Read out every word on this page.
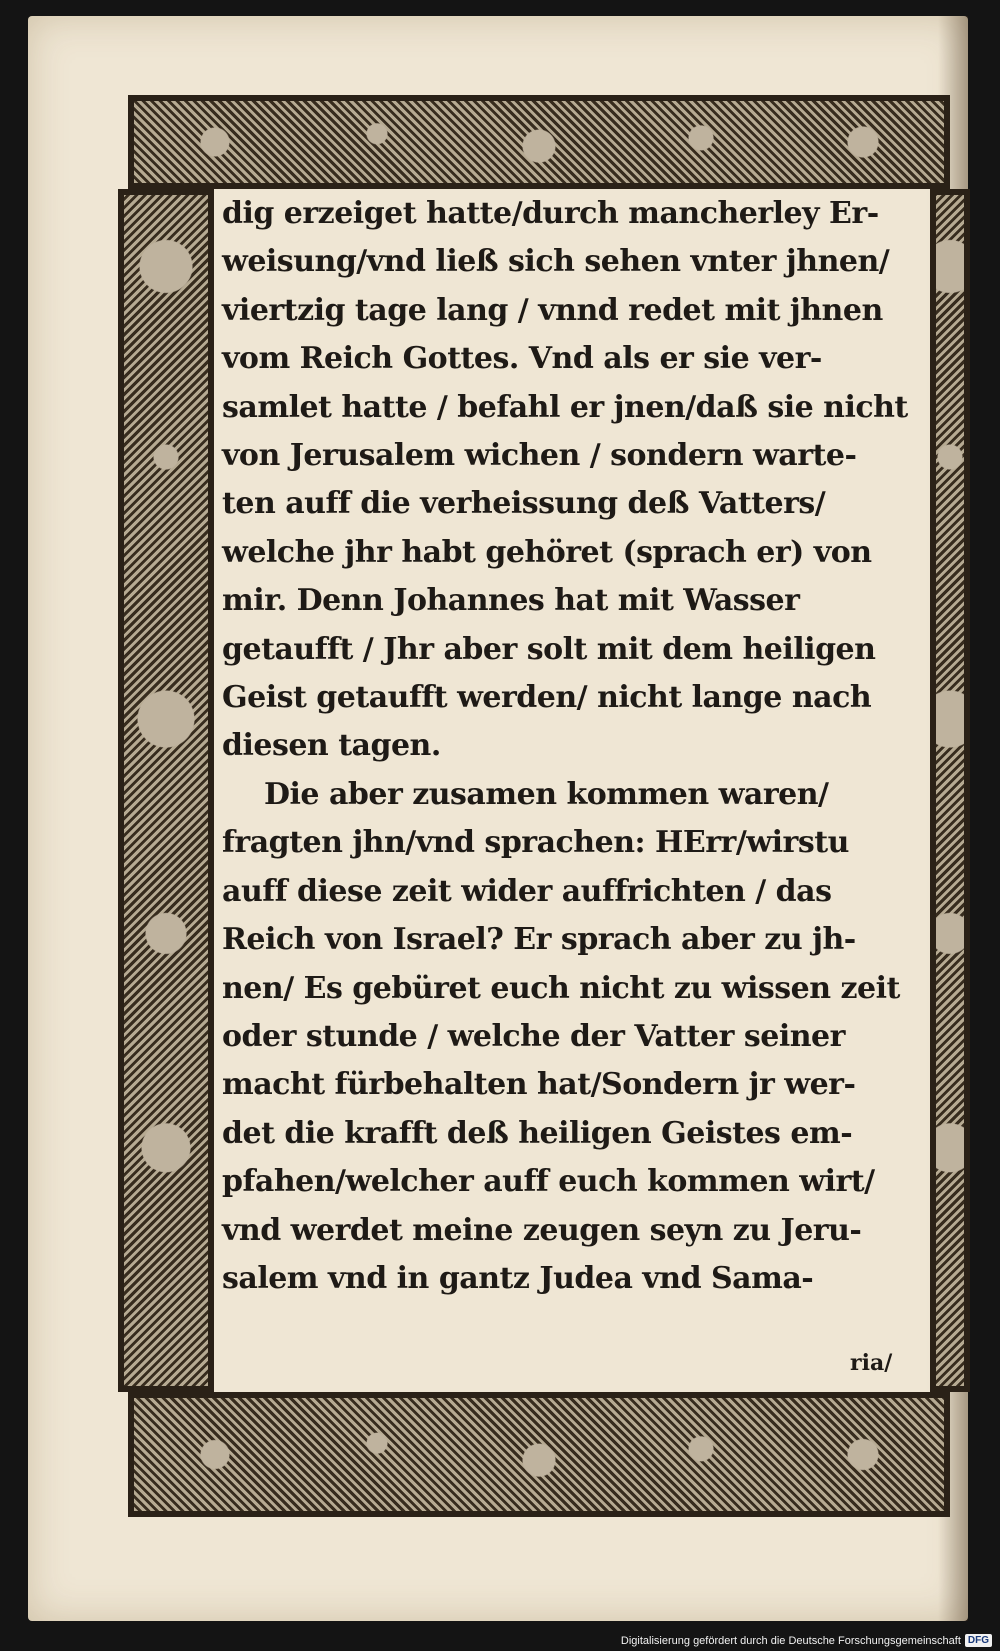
dig erzeiget hatte/durch mancherley Er-
weisung/vnd ließ sich sehen vnter jhnen/
viertzig tage lang / vnnd redet mit jhnen
vom Reich Gottes. Vnd als er sie ver-
samlet hatte / befahl er jnen/daß sie nicht
von Jerusalem wichen / sondern warte-
ten auff die verheissung deß Vatters/
welche jhr habt gehöret (sprach er) von
mir. Denn Johannes hat mit Wasser
getaufft / Jhr aber solt mit dem heiligen
Geist getaufft werden/ nicht lange nach
diesen tagen.
Die aber zusamen kommen waren/
fragten jhn/vnd sprachen: HErr/wirstu
auff diese zeit wider auffrichten / das
Reich von Israel? Er sprach aber zu jh-
nen/ Es gebüret euch nicht zu wissen zeit
oder stunde / welche der Vatter seiner
macht fürbehalten hat/Sondern jr wer-
det die krafft deß heiligen Geistes em-
pfahen/welcher auff euch kommen wirt/
vnd werdet meine zeugen seyn zu Jeru-
salem vnd in gantz Judea vnd Sama-
ria/
Digitalisierung gefördert durch die Deutsche Forschungsgemeinschaft DFG
